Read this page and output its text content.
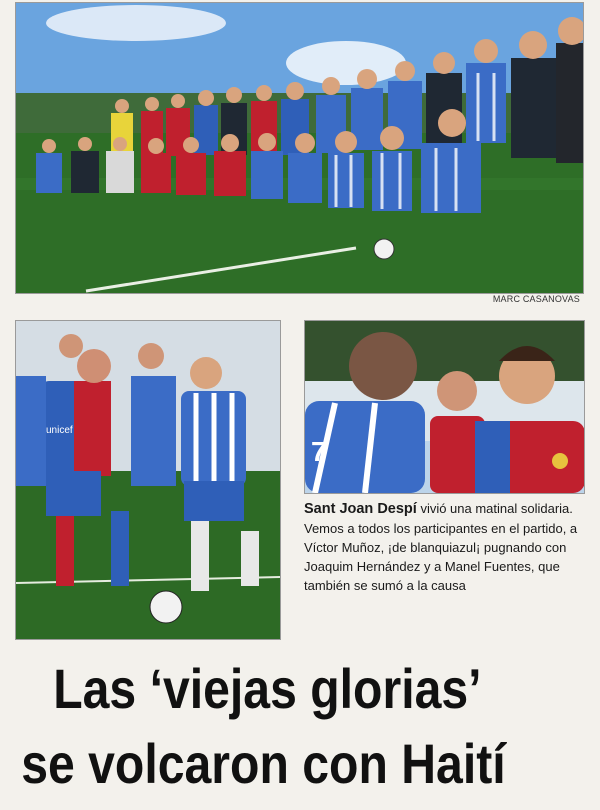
MARC CASANOVAS
unicef
7
Sant Joan Despí vivió una matinal solidaria. Vemos a todos los participantes en el partido, a Víctor Muñoz, ¡de blanquiazul¡ pugnando con Joaquim Hernández y a Manel Fuentes, que también se sumó a la causa

Las ‘viejas glorias’
se volcaron con Haití
